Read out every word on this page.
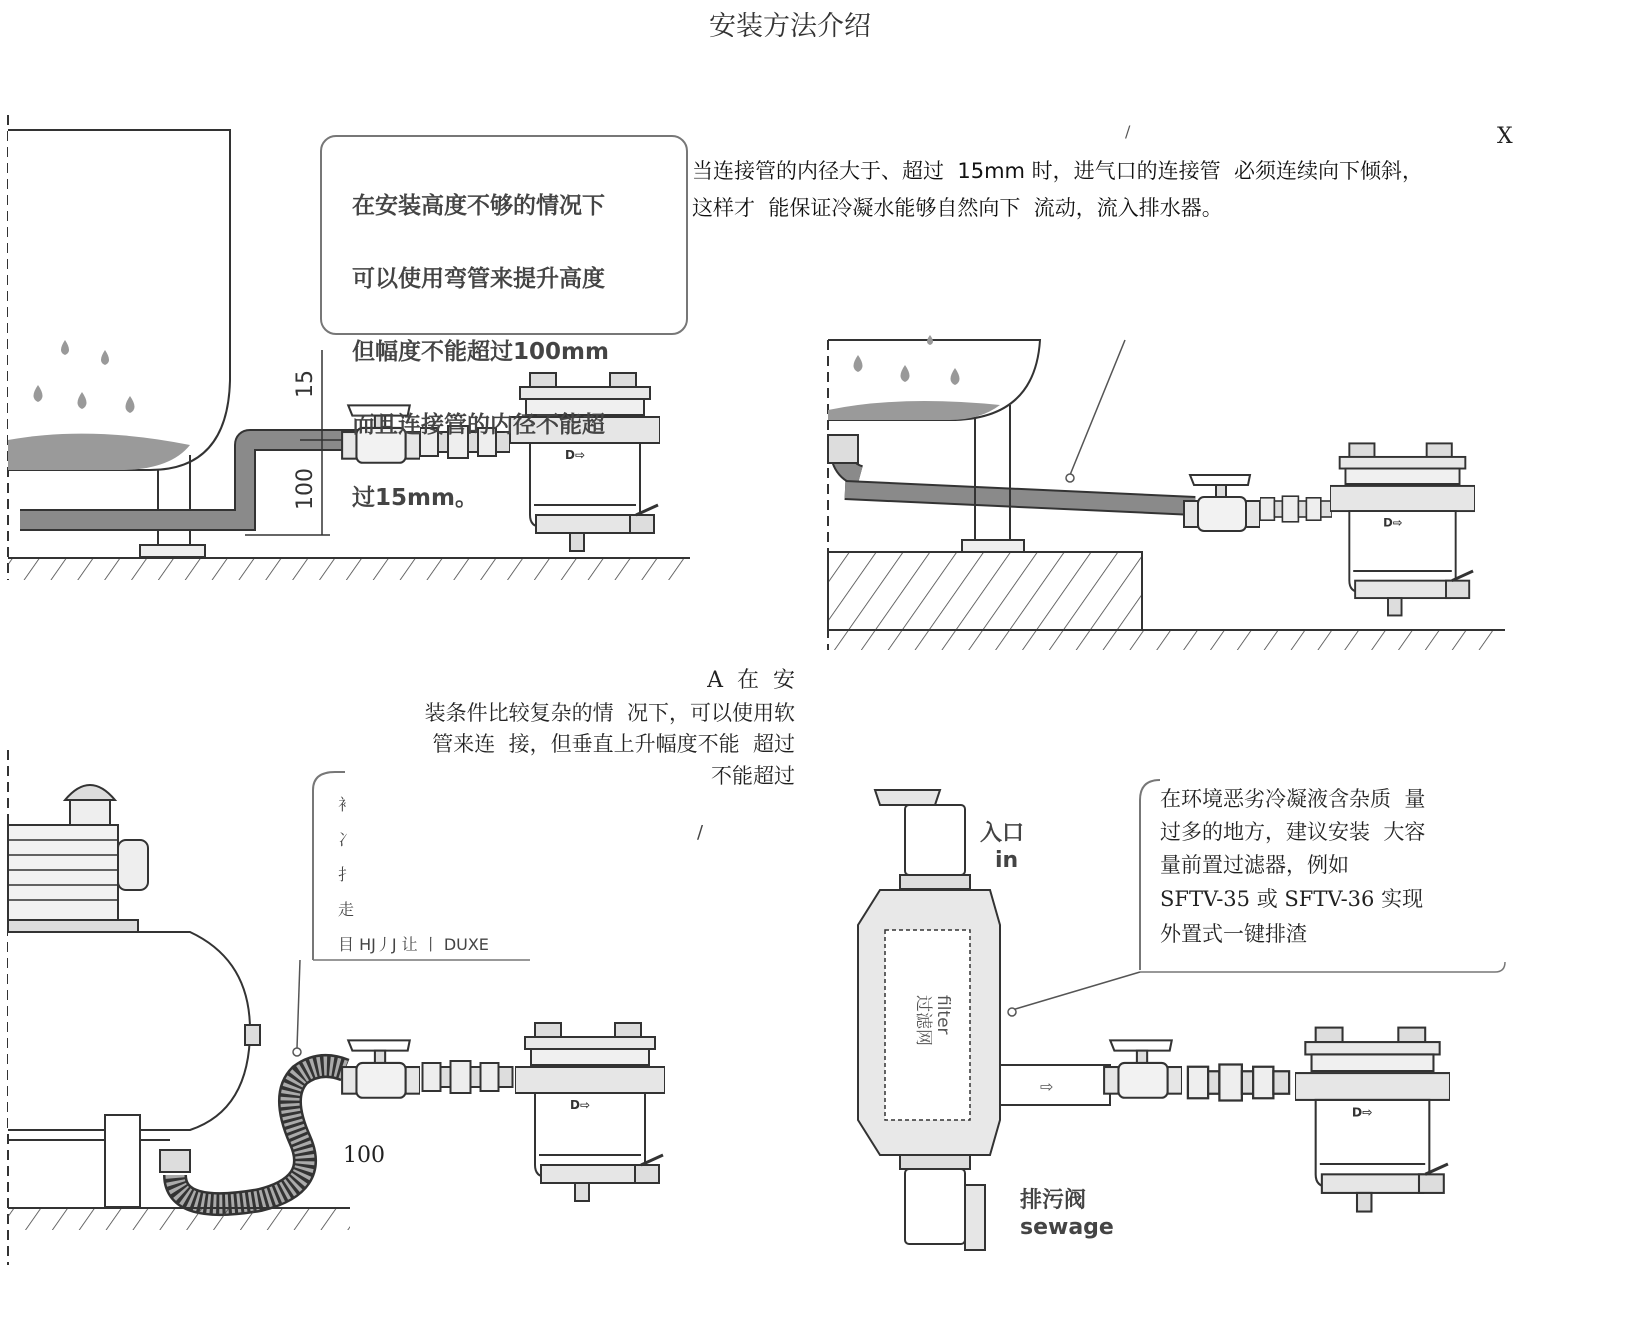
15
100
衤
冫
扌
走
目 HJ丿J 让 丨 DUXE
100
过滤网 filter
⇨
安装方法介绍

在安装高度不够的情况下

可以使用弯管来提升高度

但幅度不能超过100mm

而且连接管的内径不能超

过15mm。

当连接管的内径大于、超过  15mm 时，进气口的连接管  必须连续向下倾斜，
这样才  能保证冷凝水能够自然向下  流动，流入排水器。
/	X
A  在  安
装条件比较复杂的情  况下，可以使用软
管来连  接，但垂直上升幅度不能  超过
不能超过
/
在环境恶劣冷凝液含杂质  量
过多的地方，建议安装  大容
量前置过滤器，例如
SFTV-35 或 SFTV-36 实现
外置式一键排渣
入口
in
排污阀
sewage
